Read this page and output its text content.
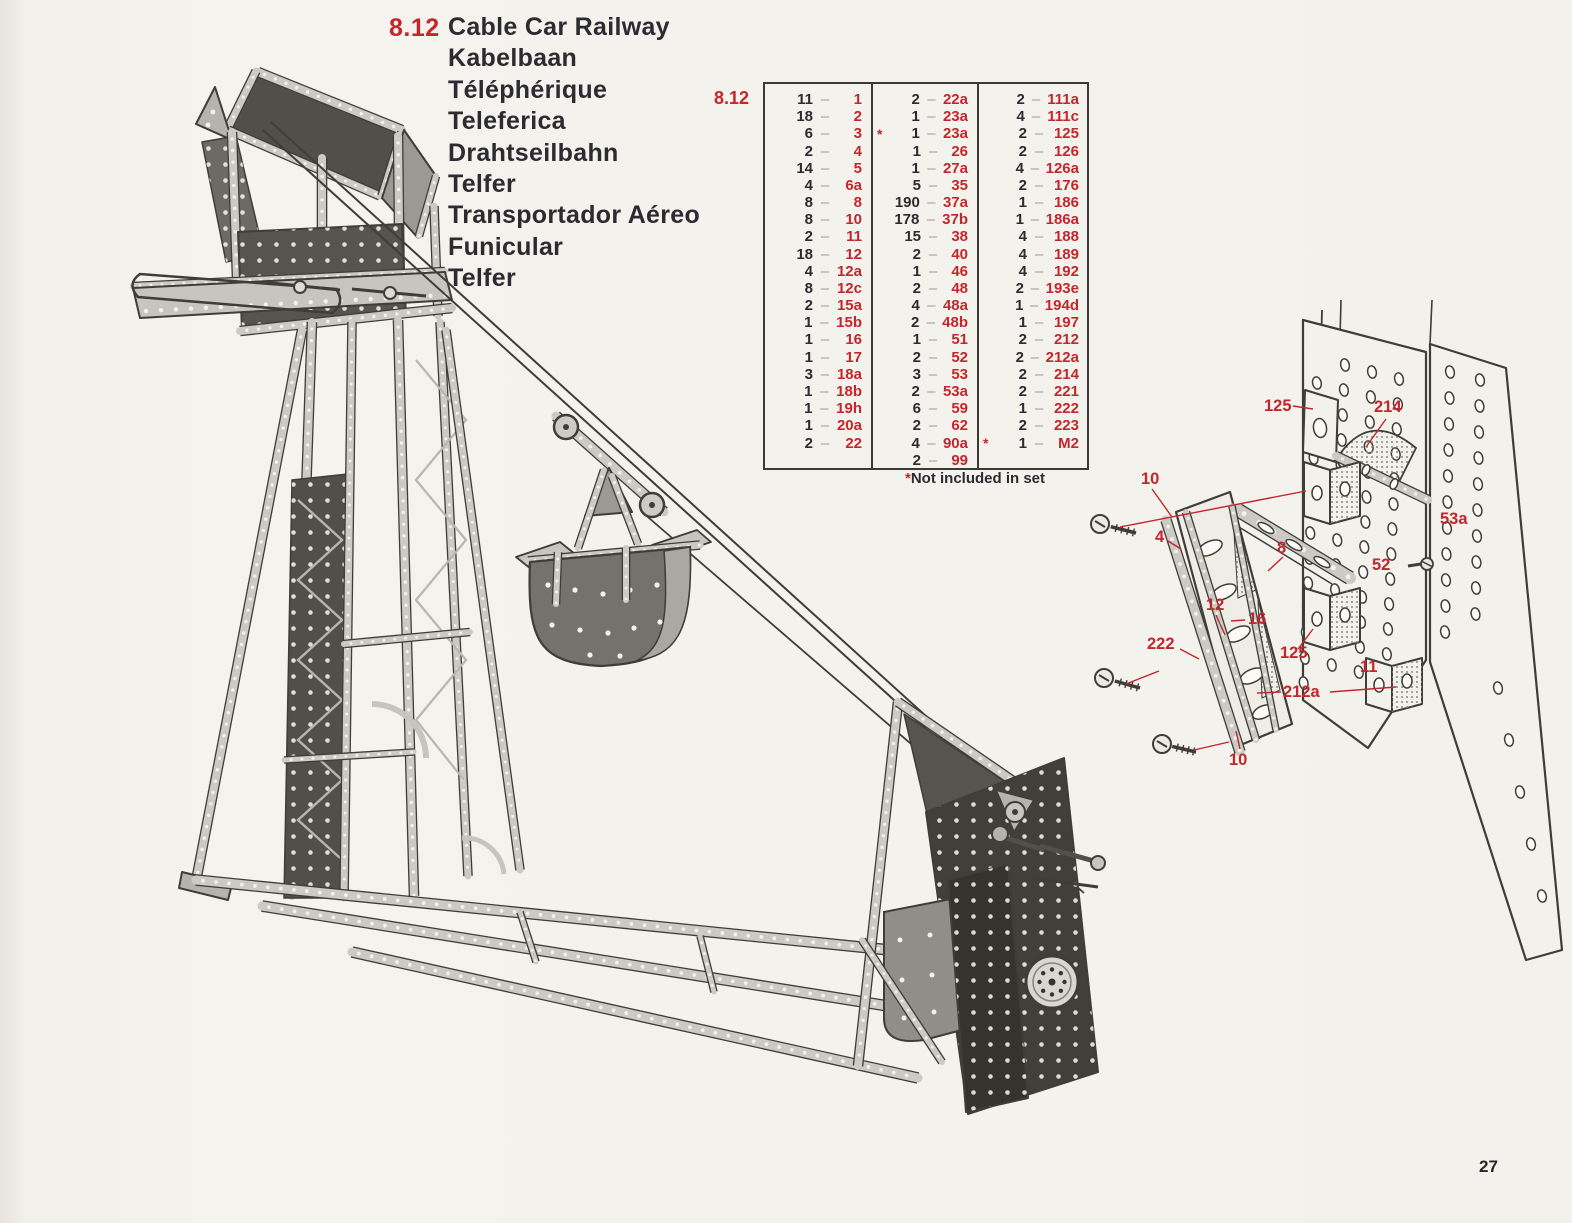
8.12 Cable Car Railway
Kabelbaan
Téléphérique
Teleferica
Drahtseilbahn
Telfer
Transportador Aéreo
Funicular
Telfer
8.12	11 –	1
18 –	2
6 –	3
2 –	4
14 –	5
4 –	6a
8 –	8
8 –	10
2 –	11
18 –	12
4 – 12a
8 – 12c
2 – 15a
1 – 15b
1 –	16
1 –	17
3 – 18a
1 – 18b
1 – 19h
1 – 20a
2 –	22
2 – 22a
1 – 23a
*	1 – 23a
1 – 26
1 – 27a
5 – 35
190 – 37a
178 – 37b
15 – 38
2 – 40
1 – 46
2 – 48
4 – 48a
2 – 48b
1 – 51
2 – 52
3 – 53
2 – 53a
6 – 59
2 – 62
4 – 90a
2 – 99
2 – 111a
4 – 111c
2 – 125
2 – 126
4 – 126a
2 – 176
1 – 186
1 – 186a
4 – 188
4 – 189
4 – 192
2 – 193e
1 – 194d
1 – 197
2 – 212
2 – 212a
2 – 214
2 – 221
1 – 222
2 – 223
*	1 – M2
*Not included in set
125	214
10
4
8
53a
52
12
16
222	125
11
212a
10
27
